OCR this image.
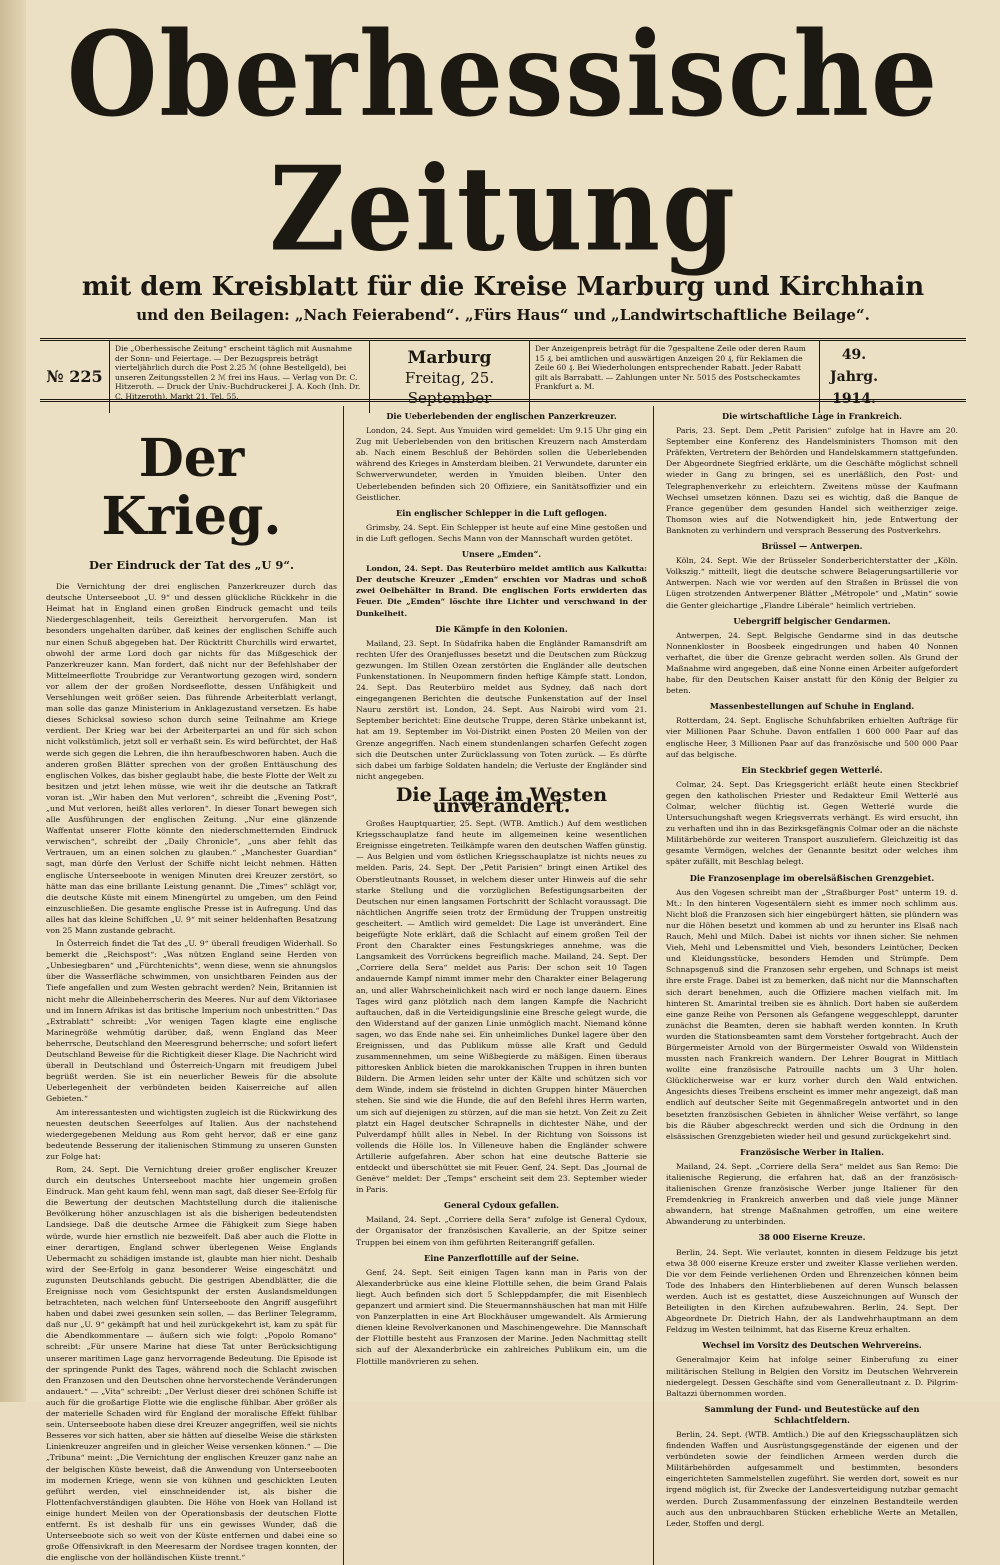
Oberhessische Zeitung
mit dem Kreisblatt für die Kreise Marburg und Kirchhain
und den Beilagen: „Nach Feierabend“. „Fürs Haus“ und „Landwirtschaftliche Beilage“.
№ 225
Die „Oberhessische Zeitung“ erscheint täglich mit Ausnahme der Sonn- und Feiertage. — Der Bezugspreis beträgt vierteljährlich durch die Post 2.25 ℳ (ohne Bestellgeld), bei unseren Zeitungsstellen 2 ℳ frei ins Haus. — Verlag von Dr. C. Hitzeroth. — Druck der Univ.-Buchdruckerei J. A. Koch (Inh. Dr. C. Hitzeroth). Markt 21. Tel. 55.
Marburg
Freitag, 25. September
Der Anzeigenpreis beträgt für die 7gespaltene Zeile oder deren Raum 15 ₰, bei amtlichen und auswärtigen Anzeigen 20 ₰, für Reklamen die Zeile 60 ₰. Bei Wiederholungen entsprechender Rabatt. Jeder Rabatt gilt als Barrabatt. — Zahlungen unter Nr. 5015 des Postscheckamtes Frankfurt a. M.
49. Jahrg.
1914.
Der Krieg.
Der Eindruck der Tat des „U 9“.

Die Vernichtung der drei englischen Panzerkreuzer durch das deutsche Unterseeboot „U. 9“ und dessen glückliche Rückkehr in die Heimat hat in England einen großen Eindruck gemacht und teils Niedergeschlagenheit, teils Gereiztheit hervorgerufen. Man ist besonders ungehalten darüber, daß keines der englischen Schiffe auch nur einen Schuß abgegeben hat. Der Rücktritt Churchills wird erwartet, obwohl der arme Lord doch gar nichts für das Mißgeschick der Panzerkreuzer kann. Man fordert, daß nicht nur der Befehlshaber der Mittelmeerflotte Troubridge zur Verantwortung gezogen wird, sondern vor allem der der großen Nordseeflotte, dessen Unfähigkeit und Versehlungen weit größer seien. Das führende Arbeiterblatt verlangt, man solle das ganze Ministerium in Anklagezustand versetzen. Es habe dieses Schicksal sowieso schon durch seine Teilnahme am Kriege verdient. Der Krieg war bei der Arbeiterpartei an und für sich schon nicht volkstümlich, jetzt soll er verhaßt sein. Es wird befürchtet, der Haß werde sich gegen die Lehren, die ihn heraufbeschworen haben. Auch die anderen großen Blätter sprechen von der großen Enttäuschung des englischen Volkes, das bisher geglaubt habe, die beste Flotte der Welt zu besitzen und jetzt lehen müsse, wie weit ihr die deutsche an Tatkraft voran ist. „Wir haben den Mut verloren“, schreibt die „Evening Post“, „und Mut verloren, heißt alles verloren“. In dieser Tonart bewegen sich alle Ausführungen der englischen Zeitung. „Nur eine glänzende Waffentat unserer Flotte könnte den niederschmetternden Eindruck verwischen“, schreibt der „Daily Chronicle“, „uns aber fehlt das Vertrauen, um an einen solchen zu glauben.“ „Manchester Guardian“ sagt, man dürfe den Verlust der Schiffe nicht leicht nehmen. Hätten englische Unterseeboote in wenigen Minuten drei Kreuzer zerstört, so hätte man das eine brillante Leistung genannt. Die „Times“ schlägt vor, die deutsche Küste mit einem Minengürtel zu umgeben, um den Feind einzuschließen. Die gesamte englische Presse ist in Aufregung. Und das alles hat das kleine Schiffchen „U. 9“ mit seiner heldenhaften Besatzung von 25 Mann zustande gebracht.

In Österreich findet die Tat des „U. 9“ überall freudigen Widerhall. So bemerkt die „Reichspost“: „Was nützen England seine Herden von „Unbesiegbaren“ und „Fürchtenichts“, wenn diese, wenn sie ahnungslos über die Wasserfläche schwimmen, von unsichtbaren Feinden aus der Tiefe angefallen und zum Westen gebracht werden? Nein, Britannien ist nicht mehr die Alleinbeherrscherin des Meeres. Nur auf dem Viktoriasee und im Innern Afrikas ist das britische Imperium noch unbestritten.“ Das „Extrablatt“ schreibt: „Vor wenigen Tagen klagte eine englische Marinegröße wehmütig darüber, daß, wenn England das Meer beherrsche, Deutschland den Meeresgrund beherrsche; und sofort liefert Deutschland Beweise für die Richtigkeit dieser Klage. Die Nachricht wird überall in Deutschland und Österreich-Ungarn mit freudigem Jubel begrüßt werden. Sie ist ein neuerlicher Beweis für die absolute Ueberlegenheit der verbündeten beiden Kaiserreiche auf allen Gebieten.“

Am interessantesten und wichtigsten zugleich ist die Rückwirkung des neuesten deutschen Seeerfolges auf Italien. Aus der nachstehend wiedergegebenen Meldung aus Rom geht hervor, daß er eine ganz bedeutende Besserung der italienischen Stimmung zu unseren Gunsten zur Folge hat:

Rom, 24. Sept. Die Vernichtung dreier großer englischer Kreuzer durch ein deutsches Unterseeboot machte hier ungemein großen Eindruck. Man geht kaum fehl, wenn man sagt, daß dieser See-Erfolg für die Bewertung der deutschen Machtstellung durch die italienische Bevölkerung höher anzuschlagen ist als die bisherigen bedeutendsten Landsiege. Daß die deutsche Armee die Fähigkeit zum Siege haben würde, wurde hier ernstlich nie bezweifelt. Daß aber auch die Flotte in einer derartigen, England schwer überlegenen Weise Englands Uebermacht zu schädigen imstande ist, glaubte man hier nicht. Deshalb wird der See-Erfolg in ganz besonderer Weise eingeschätzt und zugunsten Deutschlands gebucht. Die gestrigen Abendblätter, die die Ereignisse noch vom Gesichtspunkt der ersten Auslandsmeldungen betrachteten, nach welchen fünf Unterseeboote den Angriff ausgeführt haben und dabei zwei gesunken sein sollen, — das Berliner Telegramm, daß nur „U. 9“ gekämpft hat und heil zurückgekehrt ist, kam zu spät für die Abendkommentare — äußern sich wie folgt: „Popolo Romano“ schreibt: „Für unsere Marine hat diese Tat unter Berücksichtigung unserer maritimen Lage ganz hervorragende Bedeutung. Die Episode ist der springende Punkt des Tages, während noch die Schlacht zwischen den Franzosen und den Deutschen ohne hervorstechende Veränderungen andauert.“ — „Vita“ schreibt: „Der Verlust dieser drei schönen Schiffe ist auch für die großartige Flotte wie die englische fühlbar. Aber größer als der materielle Schaden wird für England der moralische Effekt fühlbar sein. Unterseeboote haben diese drei Kreuzer angegriffen, weil sie nichts Besseres vor sich hatten, aber sie hätten auf dieselbe Weise die stärksten Linienkreuzer angreifen und in gleicher Weise versenken können.“ — Die „Tribuna“ meint: „Die Vernichtung der englischen Kreuzer ganz nahe an der belgischen Küste beweist, daß die Anwendung von Unterseebooten im modernen Kriege, wenn sie von kühnen und geschickten Leuten geführt werden, viel einschneidender ist, als bisher die Flottenfachverständigen glaubten. Die Höhe von Hoek van Holland ist einige hundert Meilen von der Operationsbasis der deutschen Flotte entfernt. Es ist deshalb für uns ein gewisses Wunder, daß die Unterseeboote sich so weit von der Küste entfernen und dabei eine so große Offensivkraft in den Meeresarm der Nordsee tragen konnten, der die englische von der holländischen Küste trennt.“

Die Ueberlebenden der englischen Panzerkreuzer.

London, 24. Sept. Aus Ymuiden wird gemeldet: Um 9.15 Uhr ging ein Zug mit Ueberlebenden von den britischen Kreuzern nach Amsterdam ab. Nach einem Beschluß der Behörden sollen die Ueberlebenden während des Krieges in Amsterdam bleiben. 21 Verwundete, darunter ein Schwerverwundeter, werden in Ymuiden bleiben. Unter den Ueberlebenden befinden sich 20 Offiziere, ein Sanitätsoffizier und ein Geistlicher.

Ein englischer Schlepper in die Luft geflogen.

Grimsby, 24. Sept. Ein Schlepper ist heute auf eine Mine gestoßen und in die Luft geflogen. Sechs Mann von der Mannschaft wurden getötet.

Unsere „Emden“.

London, 24. Sept. Das Reuterbüro meldet amtlich aus Kalkutta: Der deutsche Kreuzer „Emden“ erschien vor Madras und schoß zwei Oelbehälter in Brand. Die englischen Forts erwiderten das Feuer. Die „Emden“ löschte ihre Lichter und verschwand in der Dunkelheit.

Die Kämpfe in den Kolonien.

Mailand, 23. Sept. In Südafrika haben die Engländer Ramansdrift am rechten Ufer des Oranjeflusses besetzt und die Deutschen zum Rückzug gezwungen. Im Stillen Ozean zerstörten die Engländer alle deutschen Funkenstationen. In Neupommern finden heftige Kämpfe statt. London, 24. Sept. Das Reuterbüro meldet aus Sydney, daß nach dort eingegangenen Berichten die deutsche Funkenstation auf der Insel Nauru zerstört ist. London, 24. Sept. Aus Nairobi wird vom 21. September berichtet: Eine deutsche Truppe, deren Stärke unbekannt ist, hat am 19. September im Voi-Distrikt einen Posten 20 Meilen von der Grenze angegriffen. Nach einem stundenlangen scharfen Gefecht zogen sich die Deutschen unter Zurücklassung von Toten zurück. — Es dürfte sich dabei um farbige Soldaten handeln; die Verluste der Engländer sind nicht angegeben.

Die Lage im Westen unverändert.

Großes Hauptquartier, 25. Sept. (WTB. Amtlich.) Auf dem westlichen Kriegsschauplatze fand heute im allgemeinen keine wesentlichen Ereignisse eingetreten. Teilkämpfe waren den deutschen Waffen günstig. — Aus Belgien und vom östlichen Kriegsschauplatze ist nichts neues zu melden. Paris, 24. Sept. Der „Petit Parisien“ bringt einen Artikel des Oberstleutnants Rousset, in welchem dieser unter Hinweis auf die sehr starke Stellung und die vorzüglichen Befestigungsarbeiten der Deutschen nur einen langsamen Fortschritt der Schlacht voraussagt. Die nächtlichen Angriffe seien trotz der Ermüdung der Truppen unstreitig gescheitert. — Amtlich wird gemeldet: Die Lage ist unverändert. Eine beigefügte Note erklärt, daß die Schlacht auf einem großen Teil der Front den Charakter eines Festungskrieges annehme, was die Langsamkeit des Vorrückens begreiflich mache. Mailand, 24. Sept. Der „Corriere della Sera“ meldet aus Paris: Der schon seit 10 Tagen andauernde Kampf nimmt immer mehr den Charakter einer Belagerung an, und aller Wahrscheinlichkeit nach wird er noch lange dauern. Eines Tages wird ganz plötzlich nach dem langen Kampfe die Nachricht auftauchen, daß in die Verteidigungslinie eine Bresche gelegt wurde, die den Widerstand auf der ganzen Linie unmöglich macht. Niemand könne sagen, wo das Ende nahe sei. Ein unheimliches Dunkel lagere über den Ereignissen, und das Publikum müsse alle Kraft und Geduld zusammennehmen, um seine Wißbegierde zu mäßigen. Einen überaus pittoresken Anblick bieten die marokkanischen Truppen in ihren bunten Bildern. Die Armen leiden sehr unter der Kälte und schützen sich vor dem Winde, indem sie fröstelnd in dichten Gruppen hinter Mäuerchen stehen. Sie sind wie die Hunde, die auf den Befehl ihres Herrn warten, um sich auf diejenigen zu stürzen, auf die man sie hetzt. Von Zeit zu Zeit platzt ein Hagel deutscher Schrapnells in dichtester Nähe, und der Pulverdampf hüllt alles in Nebel. In der Richtung von Soissons ist vollends die Hölle los. In Villeneuve haben die Engländer schwere Artillerie aufgefahren. Aber schon hat eine deutsche Batterie sie entdeckt und überschüttet sie mit Feuer. Genf, 24. Sept. Das „Journal de Genève“ meldet: Der „Temps“ erscheint seit dem 23. September wieder in Paris.

General Cydoux gefallen.

Mailand, 24. Sept. „Corriere della Sera“ zufolge ist General Cydoux, der Organisator der französischen Kavallerie, an der Spitze seiner Truppen bei einem von ihm geführten Reiterangriff gefallen.

Eine Panzerflottille auf der Seine.

Genf, 24. Sept. Seit einigen Tagen kann man in Paris von der Alexanderbrücke aus eine kleine Flottille sehen, die beim Grand Palais liegt. Auch befinden sich dort 5 Schleppdampfer, die mit Eisenblech gepanzert und armiert sind. Die Steuermannshäuschen hat man mit Hilfe von Panzerplatten in eine Art Blockhäuser umgewandelt. Als Armierung dienen kleine Revolverkanonen und Maschinengewehre. Die Mannschaft der Flottille besteht aus Franzosen der Marine. Jeden Nachmittag stellt sich auf der Alexanderbrücke ein zahlreiches Publikum ein, um die Flottille manövrieren zu sehen.

Die wirtschaftliche Lage in Frankreich.

Paris, 23. Sept. Dem „Petit Parisien“ zufolge hat in Havre am 20. September eine Konferenz des Handelsministers Thomson mit den Präfekten, Vertretern der Behörden und Handelskammern stattgefunden. Der Abgeordnete Siegfried erklärte, um die Geschäfte möglichst schnell wieder in Gang zu bringen, sei es unerläßlich, den Post- und Telegraphenverkehr zu erleichtern. Zweitens müsse der Kaufmann Wechsel umsetzen können. Dazu sei es wichtig, daß die Banque de France gegenüber dem gesunden Handel sich weitherziger zeige. Thomson wies auf die Notwendigkeit hin, jede Entwertung der Banknoten zu verhindern und versprach Besserung des Postverkehrs.

Brüssel — Antwerpen.

Köln, 24. Sept. Wie der Brüsseler Sonderberichterstatter der „Köln. Volkszig.“ mitteilt, liegt die deutsche schwere Belagerungsartillerie vor Antwerpen. Nach wie vor werden auf den Straßen in Brüssel die von Lügen strotzenden Antwerpener Blätter „Métropole“ und „Matin“ sowie die Genter gleichartige „Flandre Libérale“ heimlich vertrieben.

Uebergriff belgischer Gendarmen.

Antwerpen, 24. Sept. Belgische Gendarme sind in das deutsche Nonnenkloster in Boosbeek eingedrungen und haben 40 Nonnen verhaftet, die über die Grenze gebracht werden sollen. Als Grund der Maßnahme wird angegeben, daß eine Nonne einen Arbeiter aufgefordert habe, für den Deutschen Kaiser anstatt für den König der Belgier zu beten.

Massenbestellungen auf Schuhe in England.

Rotterdam, 24. Sept. Englische Schuhfabriken erhielten Aufträge für vier Millionen Paar Schuhe. Davon entfallen 1 600 000 Paar auf das englische Heer, 3 Millionen Paar auf das französische und 500 000 Paar auf das belgische.

Ein Steckbrief gegen Wetterlé.

Colmar, 24. Sept. Das Kriegsgericht erläßt heute einen Steckbrief gegen den katholischen Priester und Redakteur Emil Wetterlé aus Colmar, welcher flüchtig ist. Gegen Wetterlé wurde die Untersuchungshaft wegen Kriegsverrats verhängt. Es wird ersucht, ihn zu verhaften und ihn in das Bezirksgefängnis Colmar oder an die nächste Militärbehörde zur weiteren Transport auszuliefern. Gleichzeitig ist das gesamte Vermögen, welches der Genannte besitzt oder welches ihm später zufällt, mit Beschlag belegt.

Die Franzosenplage im oberelsäßischen Grenzgebiet.

Aus den Vogesen schreibt man der „Straßburger Post“ unterm 19. d. Mt.: In den hinteren Vogesentälern sieht es immer noch schlimm aus. Nicht bloß die Franzosen sich hier eingebürgert hätten, sie plündern was nur die Höhen besetzt und kommen ab und zu herunter ins Elsaß nach Rauch, Mehl und Milch. Dabei ist nichts vor ihnen sicher. Sie nehmen Vieh, Mehl und Lebensmittel und Vieh, besonders Leintücher, Decken und Kleidungsstücke, besonders Hemden und Strümpfe. Dem Schnapsgenuß sind die Franzosen sehr ergeben, und Schnaps ist meist ihre erste Frage. Dabei ist zu bemerken, daß nicht nur die Mannschaften sich derart benehmen, auch die Offiziere machen vielfach mit. Im hinteren St. Amarintal treiben sie es ähnlich. Dort haben sie außerdem eine ganze Reihe von Personen als Gefangene weggeschleppt, darunter zunächst die Beamten, deren sie habhaft werden konnten. In Kruth wurden die Stationsbeamten samt dem Vorsteher fortgebracht. Auch der Bürgermeister Arnold von der Bürgermeister Oswald von Wildenstein mussten nach Frankreich wandern. Der Lehrer Bougrat in Mittlach wollte eine französische Patrouille nachts um 3 Uhr holen. Glücklicherweise war er kurz vorher durch den Wald entwichen. Angesichts dieses Treibens erscheint es immer mehr angezeigt, daß man endlich auf deutscher Seite mit Gegenmaßregeln antwortet und in den besetzten französischen Gebieten in ähnlicher Weise verfährt, so lange bis die Räuber abgeschreckt werden und sich die Ordnung in den elsässischen Grenzgebieten wieder heil und gesund zurückgekehrt sind.

Französische Werber in Italien.

Mailand, 24. Sept. „Corriere della Sera“ meldet aus San Remo: Die italienische Regierung, die erfahren hat, daß an der französisch-italienischen Grenze französische Werber junge Italiener für den Fremdenkrieg in Frankreich anwerben und daß viele junge Männer abwandern, hat strenge Maßnahmen getroffen, um eine weitere Abwanderung zu unterbinden.

38 000 Eiserne Kreuze.

Berlin, 24. Sept. Wie verlautet, konnten in diesem Feldzuge bis jetzt etwa 38 000 eiserne Kreuze erster und zweiter Klasse verliehen werden. Die vor dem Feinde verliehenen Orden und Ehrenzeichen können beim Tode des Inhabers den Hinterbliebenen auf deren Wunsch belassen werden. Auch ist es gestattet, diese Auszeichnungen auf Wunsch der Beteiligten in den Kirchen aufzubewahren. Berlin, 24. Sept. Der Abgeordnete Dr. Dietrich Hahn, der als Landwehrhauptmann an dem Feldzug im Westen teilnimmt, hat das Eiserne Kreuz erhalten.

Wechsel im Vorsitz des Deutschen Wehrvereins.

Generalmajor Keim hat infolge seiner Einberufung zu einer militärischen Stellung in Belgien den Vorsitz im Deutschen Wehrverein niedergelegt. Dessen Geschäfte sind vom Generalleutnant z. D. Pilgrim-Baltazzi übernommen worden.

Sammlung der Fund- und Beutestücke auf den Schlachtfeldern.

Berlin, 24. Sept. (WTB. Amtlich.) Die auf den Kriegsschauplätzen sich findenden Waffen und Ausrüstungsgegenstände der eigenen und der verbündeten sowie der feindlichen Armeen werden durch die Militärbehörden aufgesammelt und bestimmten, besonders eingerichteten Sammelstellen zugeführt. Sie werden dort, soweit es nur irgend möglich ist, für Zwecke der Landesverteidigung nutzbar gemacht werden. Durch Zusammenfassung der einzelnen Bestandteile werden auch aus den unbrauchbaren Stücken erhebliche Werte an Metallen, Leder, Stoffen und dergl.
